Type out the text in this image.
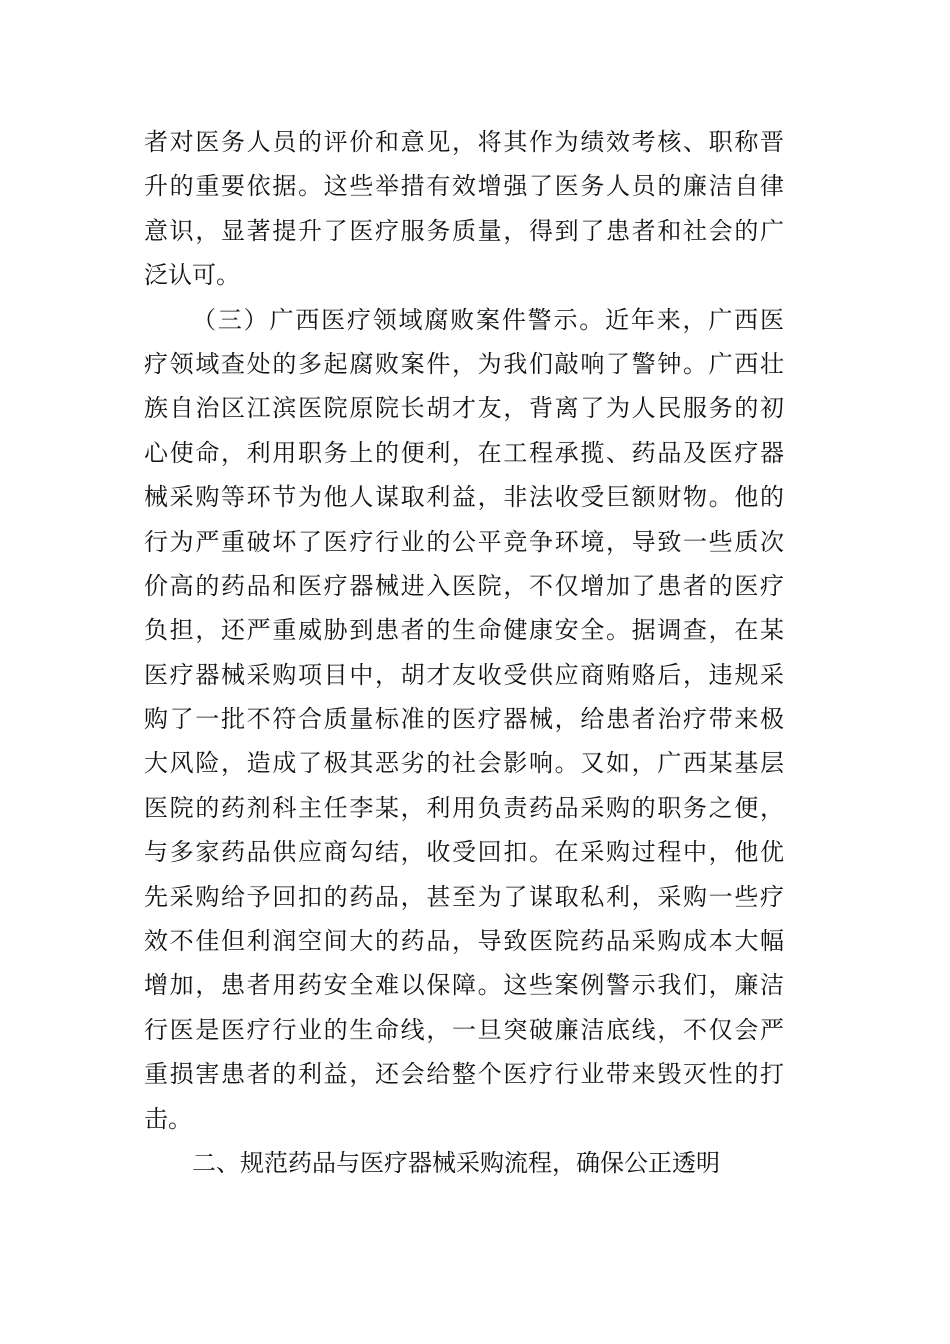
者对医务人员的评价和意见，将其作为绩效考核、职称晋
升的重要依据。这些举措有效增强了医务人员的廉洁自律
意识，显著提升了医疗服务质量，得到了患者和社会的广
泛认可。
（三）广西医疗领域腐败案件警示。近年来，广西医
疗领域查处的多起腐败案件，为我们敲响了警钟。广西壮
族自治区江滨医院原院长胡才友，背离了为人民服务的初
心使命，利用职务上的便利，在工程承揽、药品及医疗器
械采购等环节为他人谋取利益，非法收受巨额财物。他的
行为严重破坏了医疗行业的公平竞争环境，导致一些质次
价高的药品和医疗器械进入医院，不仅增加了患者的医疗
负担，还严重威胁到患者的生命健康安全。据调查，在某
医疗器械采购项目中，胡才友收受供应商贿赂后，违规采
购了一批不符合质量标准的医疗器械，给患者治疗带来极
大风险，造成了极其恶劣的社会影响。又如，广西某基层
医院的药剂科主任李某，利用负责药品采购的职务之便，
与多家药品供应商勾结，收受回扣。在采购过程中，他优
先采购给予回扣的药品，甚至为了谋取私利，采购一些疗
效不佳但利润空间大的药品，导致医院药品采购成本大幅
增加，患者用药安全难以保障。这些案例警示我们，廉洁
行医是医疗行业的生命线，一旦突破廉洁底线，不仅会严
重损害患者的利益，还会给整个医疗行业带来毁灭性的打
击。
二、规范药品与医疗器械采购流程，确保公正透明
